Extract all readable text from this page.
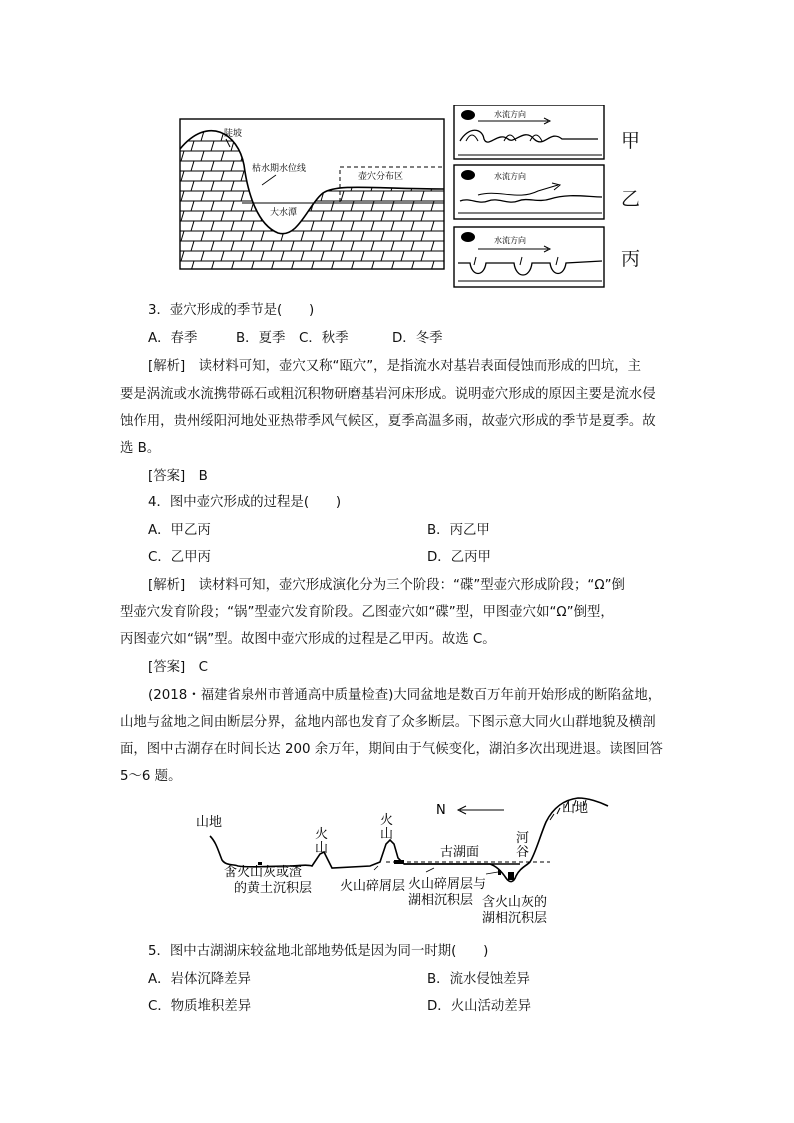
陡坡
枯水期水位线
壶穴分布区
大水潭
水流方向
水流方向
水流方向
甲
乙
丙
3．壶穴形成的季节是(　　)
A．春季	B．夏季 C．秋季	D．冬季
[解析]　读材料可知，壶穴又称“瓯穴”，是指流水对基岩表面侵蚀而形成的凹坑，主
要是涡流或水流携带砾石或粗沉积物研磨基岩河床形成。说明壶穴形成的原因主要是流水侵
蚀作用，贵州绥阳河地处亚热带季风气候区，夏季高温多雨，故壶穴形成的季节是夏季。故
选 B。
[答案]　B
4．图中壶穴形成的过程是(　　)
A．甲乙丙	B．丙乙甲
C．乙甲丙	D．乙丙甲
[解析]　读材料可知，壶穴形成演化分为三个阶段：“碟”型壶穴形成阶段；“Ω”倒
型壶穴发育阶段；“锅”型壶穴发育阶段。乙图壶穴如“碟”型，甲图壶穴如“Ω”倒型，
丙图壶穴如“锅”型。故图中壶穴形成的过程是乙甲丙。故选 C。
[答案]　C
(2018・福建省泉州市普通高中质量检查)大同盆地是数百万年前开始形成的断陷盆地，
山地与盆地之间由断层分界，盆地内部也发育了众多断层。下图示意大同火山群地貌及横剖
面，图中古湖存在时间长达 200 余万年，期间由于气候变化，湖泊多次出现进退。读图回答
5～6 题。
N
山地
山地
火
山
火
山
古湖面
河
谷
含火山灰或渣
的黄土沉积层 火山碎屑层 火山碎屑层与
湖相沉积层 含火山灰的
湖相沉积层
5．图中古湖湖床较盆地北部地势低是因为同一时期(　　)
A．岩体沉降差异	B．流水侵蚀差异
C．物质堆积差异	D．火山活动差异
